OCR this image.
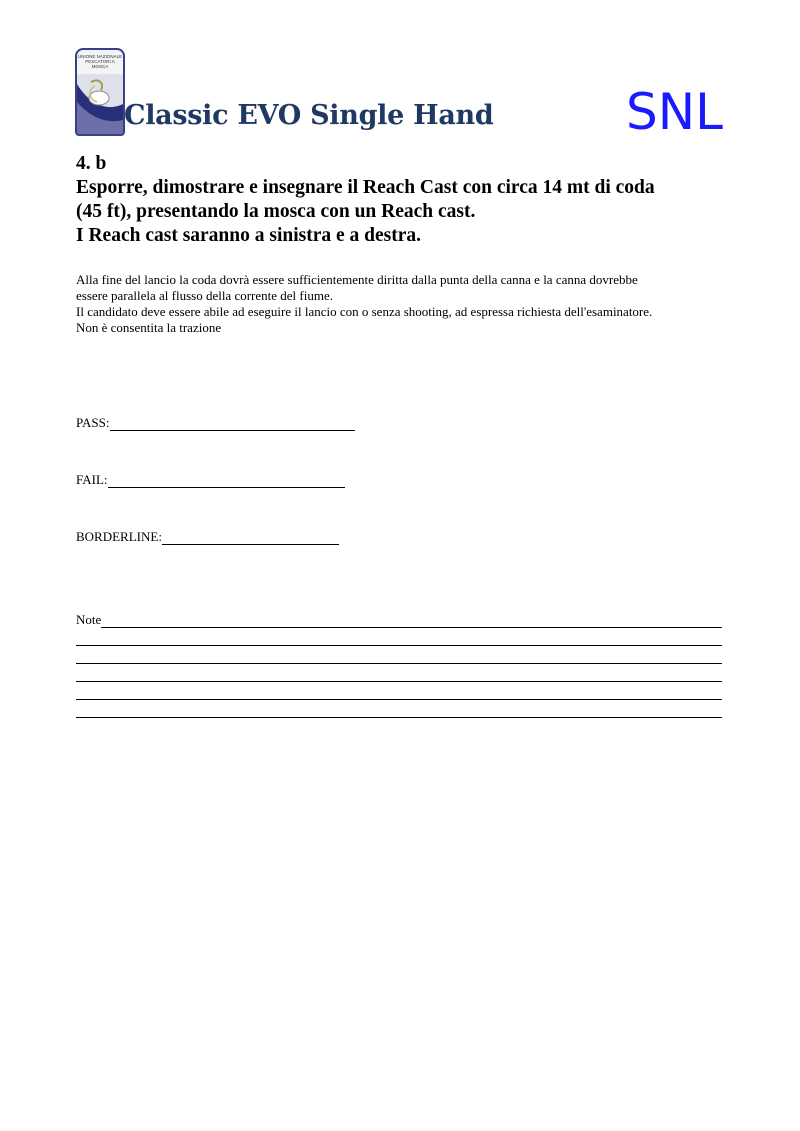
UNIONE NAZIONALE PESCATORI A MOSCA
Classic EVO Single Hand	SNL
4. b
Esporre, dimostrare e insegnare il Reach Cast con circa 14 mt di coda
(45 ft), presentando la mosca con un Reach cast.
I Reach cast saranno a sinistra e a destra.
Alla fine del lancio la coda dovrà essere sufficientemente diritta dalla punta della canna e la canna dovrebbe
essere parallela al flusso della corrente del fiume.
Il candidato deve essere abile ad eseguire il lancio con o senza shooting, ad espressa richiesta dell'esaminatore.
Non è consentita la trazione
PASS:
FAIL:
BORDERLINE:
Note
